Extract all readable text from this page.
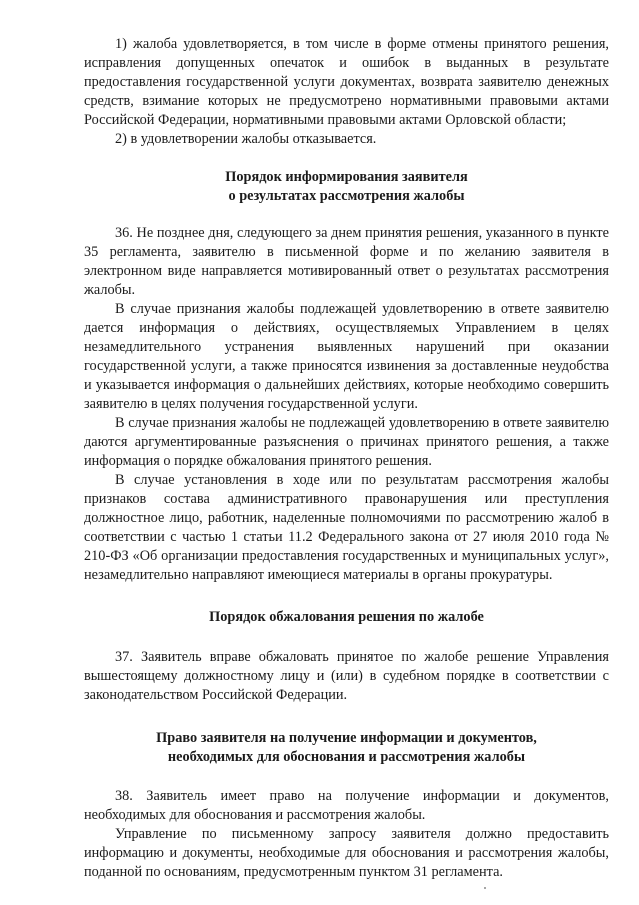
1) жалоба удовлетворяется, в том числе в форме отмены принятого решения, исправления допущенных опечаток и ошибок в выданных в результате предоставления государственной услуги документах, возврата заявителю денежных средств, взимание которых не предусмотрено нормативными правовыми актами Российской Федерации, нормативными правовыми актами Орловской области;

2) в удовлетворении жалобы отказывается.

Порядок информирования заявителя
о результатах рассмотрения жалобы

36. Не позднее дня, следующего за днем принятия решения, указанного в пункте 35 регламента, заявителю в письменной форме и по желанию заявителя в электронном виде направляется мотивированный ответ о результатах рассмотрения жалобы.

В случае признания жалобы подлежащей удовлетворению в ответе заявителю дается информация о действиях, осуществляемых Управлением в целях незамедлительного устранения выявленных нарушений при оказании государственной услуги, а также приносятся извинения за доставленные неудобства и указывается информация о дальнейших действиях, которые необходимо совершить заявителю в целях получения государственной услуги.

В случае признания жалобы не подлежащей удовлетворению в ответе заявителю даются аргументированные разъяснения о причинах принятого решения, а также информация о порядке обжалования принятого решения.

В случае установления в ходе или по результатам рассмотрения жалобы признаков состава административного правонарушения или преступления должностное лицо, работник, наделенные полномочиями по рассмотрению жалоб в соответствии с частью 1 статьи 11.2 Федерального закона от 27 июля 2010 года № 210-ФЗ «Об организации предоставления государственных и муниципальных услуг», незамедлительно направляют имеющиеся материалы в органы прокуратуры.

Порядок обжалования решения по жалобе

37. Заявитель вправе обжаловать принятое по жалобе решение Управления вышестоящему должностному лицу и (или) в судебном порядке в соответствии с законодательством Российской Федерации.

Право заявителя на получение информации и документов,
необходимых для обоснования и рассмотрения жалобы

38. Заявитель имеет право на получение информации и документов, необходимых для обоснования и рассмотрения жалобы.

Управление по письменному запросу заявителя должно предоставить информацию и документы, необходимые для обоснования и рассмотрения жалобы, поданной по основаниям, предусмотренным пунктом 31 регламента.
